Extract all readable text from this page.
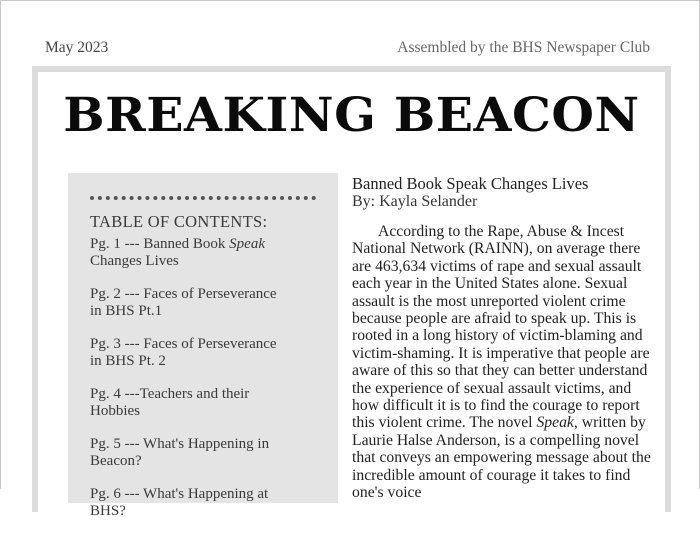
May 2023	Assembled by the BHS Newspaper Club
BREAKING BEACON
TABLE OF CONTENTS:
Pg. 1 --- Banned Book Speak Changes Lives
Pg. 2 --- Faces of Perseverance in BHS Pt.1
Pg. 3 --- Faces of Perseverance in BHS Pt. 2
Pg. 4 ---Teachers and their Hobbies
Pg. 5 --- What's Happening in Beacon?
Pg. 6 --- What's Happening at BHS?
Banned Book Speak Changes Lives
By: Kayla Selander

According to the Rape, Abuse & Incest National Network (RAINN), on average there are 463,634 victims of rape and sexual assault each year in the United States alone. Sexual assault is the most unreported violent crime because people are afraid to speak up. This is rooted in a long history of victim-blaming and victim-shaming. It is imperative that people are aware of this so that they can better understand the experience of sexual assault victims, and how difficult it is to find the courage to report this violent crime. The novel Speak, written by Laurie Halse Anderson, is a compelling novel that conveys an empowering message about the incredible amount of courage it takes to find one's voice
